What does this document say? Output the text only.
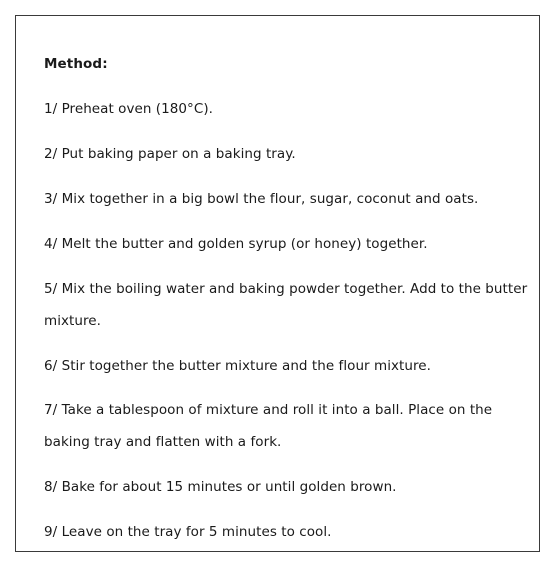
Method:
1/ Preheat oven (180°C).
2/ Put baking paper on a baking tray.
3/ Mix together in a big bowl the flour, sugar, coconut and oats.
4/ Melt the butter and golden syrup (or honey) together.
5/ Mix the boiling water and baking powder together. Add to the butter mixture.
6/ Stir together the butter mixture and the flour mixture.
7/ Take a tablespoon of mixture and roll it into a ball. Place on the baking tray and flatten with a fork.
8/ Bake for about 15 minutes or until golden brown.
9/ Leave on the tray for 5 minutes to cool.
